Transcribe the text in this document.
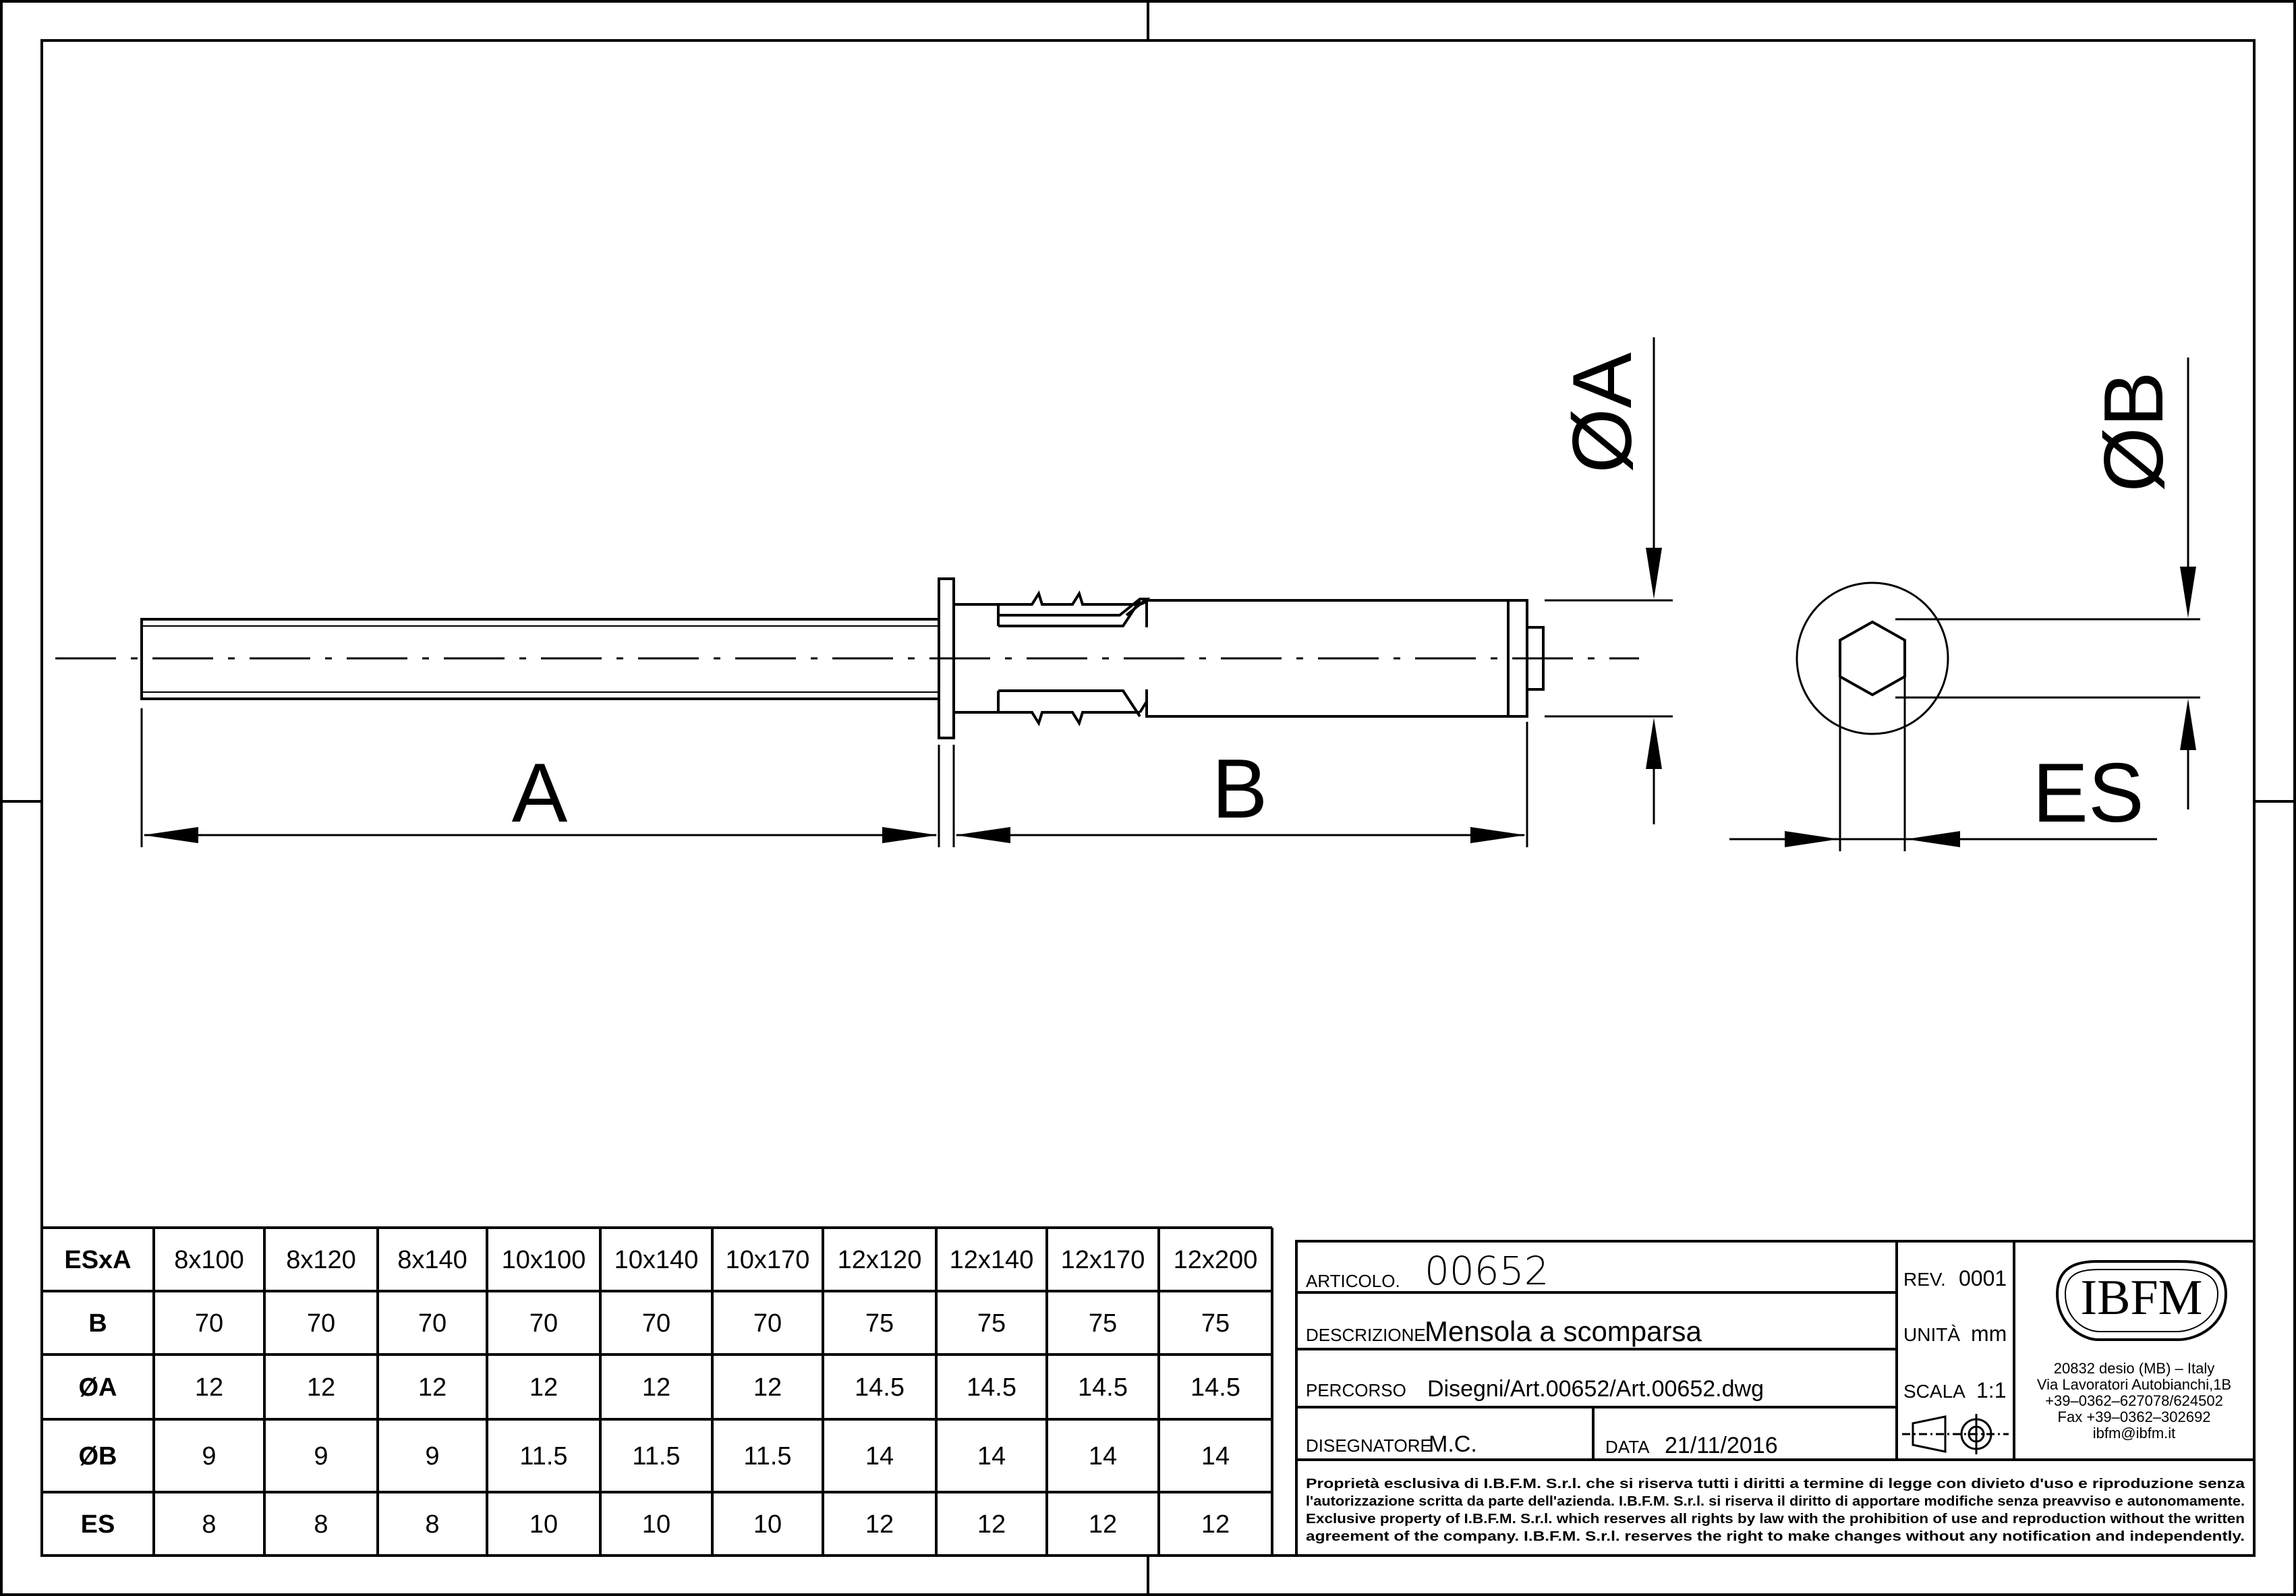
A	B
ØA	ØB
ES
ESxA 8x100 8x120 8x140 10x100 10x140 10x170 12x120 12x140 12x170 12x200
B	70	70	70	70	70	70	75	75	75	75
ØA	12	12	12	12	12	12	14.5 14.5 14.5 14.5
ØB	9	9	9	11.5	11.5 11.5	14	14	14	14
ES	8	8	8	10	10	10	12	12	12	12
ARTICOLO. 00652	REV. 0001
DESCRIZIONE
Mensola a scomparsa	UNITÀ mm
PERCORSO Disegni/Art.00652/Art.00652.dwg	SCALA 1:1
DISEGNATORE
M.C.	DATA 21/11/2016
IBFM
20832 desio (MB) – Italy
Via Lavoratori Autobianchi,1B
+39–0362–627078/624502
Fax +39–0362–302692
ibfm@ibfm.it
Proprietà esclusiva di I.B.F.M. S.r.l. che si riserva tutti i diritti a termine di legge con divieto d'uso e riproduzione senza
l'autorizzazione scritta da parte dell'azienda. I.B.F.M. S.r.l. si riserva il diritto di apportare modifiche senza preavviso e autonomamente.
Exclusive property of I.B.F.M. S.r.l. which reserves all rights by law with the prohibition of use and reproduction without the written
agreement of the company. I.B.F.M. S.r.l. reserves the right to make changes without any notification and independently.
